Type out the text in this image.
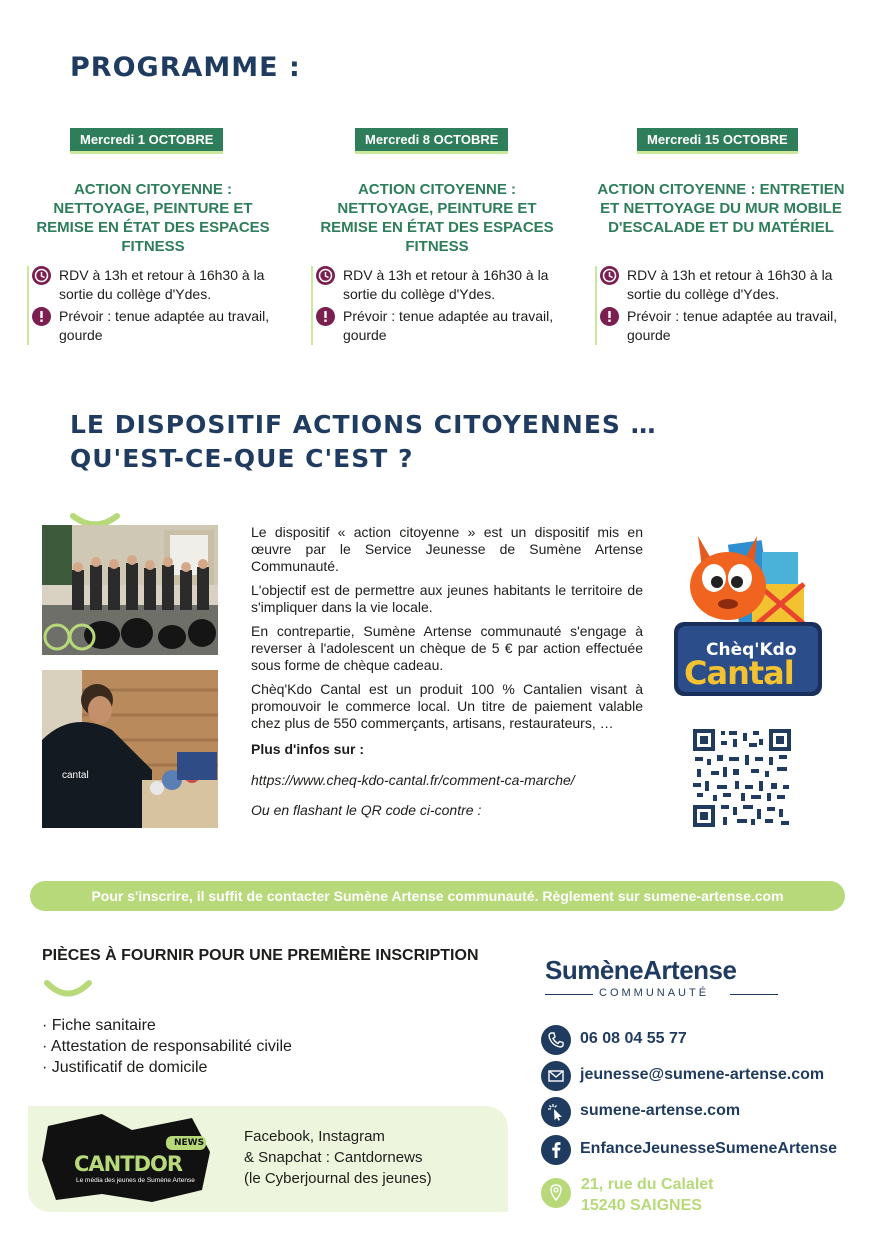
PROGRAMME :
Mercredi 1 OCTOBRE
ACTION CITOYENNE : NETTOYAGE, PEINTURE ET REMISE EN ÉTAT DES ESPACES FITNESS
RDV à 13h et retour à 16h30 à la sortie du collège d'Ydes.
Prévoir : tenue adaptée au travail, gourde
Mercredi 8 OCTOBRE
ACTION CITOYENNE : NETTOYAGE, PEINTURE ET REMISE EN ÉTAT DES ESPACES FITNESS
RDV à 13h et retour à 16h30 à la sortie du collège d'Ydes.
Prévoir : tenue adaptée au travail, gourde
Mercredi 15 OCTOBRE
ACTION CITOYENNE : ENTRETIEN ET NETTOYAGE DU MUR MOBILE D'ESCALADE ET DU MATÉRIEL
RDV à 13h et retour à 16h30 à la sortie du collège d'Ydes.
Prévoir : tenue adaptée au travail, gourde
LE DISPOSITIF ACTIONS CITOYENNES …
QU'EST-CE-QUE C'EST ?
cantal

Le dispositif « action citoyenne » est un dispositif mis en œuvre par le Service Jeunesse de Sumène Artense Communauté.

L'objectif est de permettre aux jeunes habitants le territoire de s'impliquer dans la vie locale.

En contrepartie, Sumène Artense communauté s'engage à reverser à l'adolescent un chèque de 5 € par action effectuée sous forme de chèque cadeau.

Chèq'Kdo Cantal est un produit 100 % Cantalien visant à promouvoir le commerce local. Un titre de paiement valable chez plus de 550 commerçants, artisans, restaurateurs, …

Plus d'infos sur :

https://www.cheq-kdo-cantal.fr/comment-ca-marche/

Ou en flashant le QR code ci-contre :

Chèq'Kdo
Cantal
Pour s'inscrire, il suffit de contacter Sumène Artense communauté. Règlement sur sumene-artense.com
PIÈCES À FOURNIR POUR UNE PREMIÈRE INSCRIPTION
· Fiche sanitaire
· Attestation de responsabilité civile
· Justificatif de domicile
NEWS
CANTDOR
Le média des jeunes de Sumène Artense
Facebook, Instagram
& Snapchat : Cantdornews
(le Cyberjournal des jeunes)
SumèneArtense
COMMUNAUTÉ
06 08 04 55 77
jeunesse@sumene-artense.com
sumene-artense.com
EnfanceJeunesseSumeneArtense
21, rue du Calalet
15240 SAIGNES
